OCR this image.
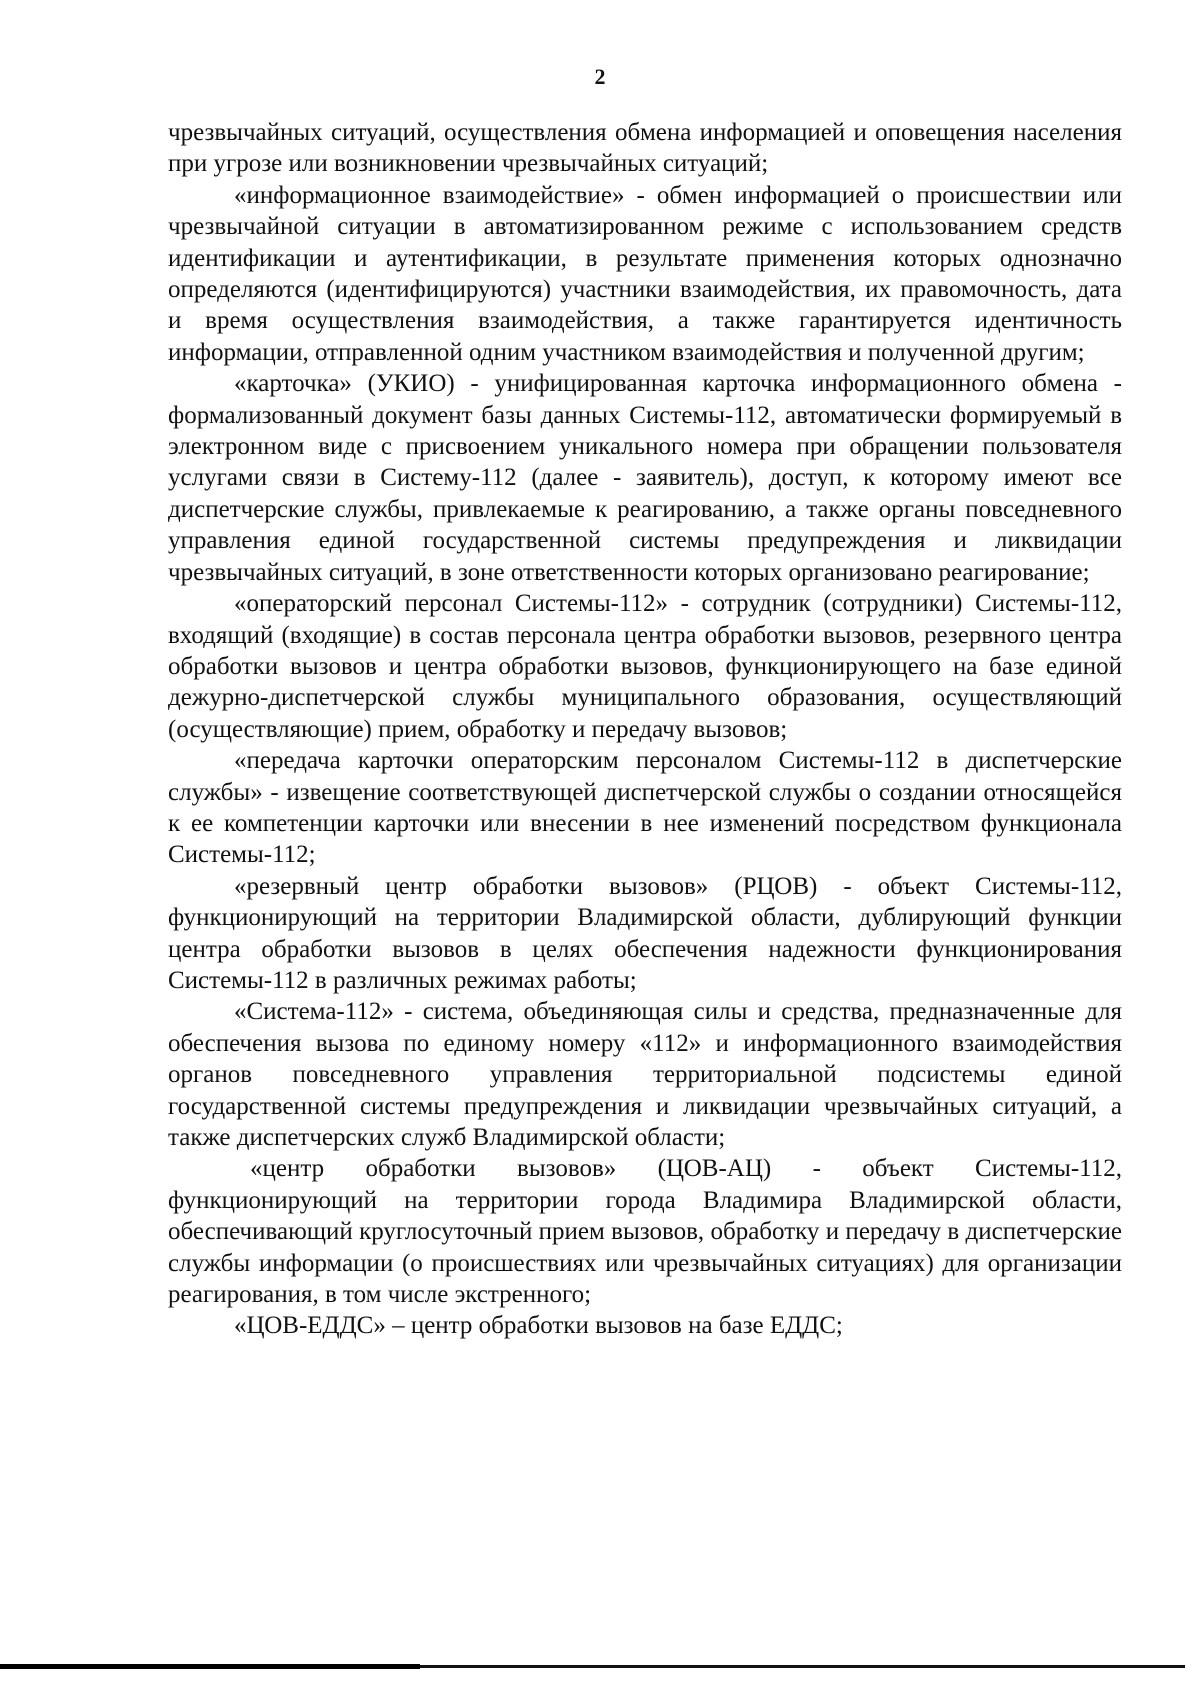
2

чрезвычайных ситуаций, осуществления обмена информацией и оповещения населения при угрозе или возникновении чрезвычайных ситуаций;

«информационное взаимодействие» - обмен информацией о происшествии или чрезвычайной ситуации в автоматизированном режиме с использованием средств идентификации и аутентификации, в результате применения которых однозначно определяются (идентифицируются) участники взаимодействия, их правомочность, дата и время осуществления взаимодействия, а также гарантируется идентичность информации, отправленной одним участником взаимодействия и полученной другим;

«карточка» (УКИО) - унифицированная карточка информационного обмена - формализованный документ базы данных Системы-112, автоматически формируемый в электронном виде с присвоением уникального номера при обращении пользователя услугами связи в Систему-112 (далее - заявитель), доступ, к которому имеют все диспетчерские службы, привлекаемые к реагированию, а также органы повседневного управления единой государственной системы предупреждения и ликвидации чрезвычайных ситуаций, в зоне ответственности которых организовано реагирование;

«операторский персонал Системы-112» - сотрудник (сотрудники) Системы-112, входящий (входящие) в состав персонала центра обработки вызовов, резервного центра обработки вызовов и центра обработки вызовов, функционирующего на базе единой дежурно-диспетчерской службы муниципального образования, осуществляющий (осуществляющие) прием, обработку и передачу вызовов;

«передача карточки операторским персоналом Системы-112 в диспетчерские службы» - извещение соответствующей диспетчерской службы о создании относящейся к ее компетенции карточки или внесении в нее изменений посредством функционала Системы-112;

«резервный центр обработки вызовов» (РЦОВ) - объект Системы-112, функционирующий на территории Владимирской области, дублирующий функции центра обработки вызовов в целях обеспечения надежности функционирования Системы-112 в различных режимах работы;

«Система-112» - система, объединяющая силы и средства, предназначенные для обеспечения вызова по единому номеру «112» и информационного взаимодействия органов повседневного управления территориальной подсистемы единой государственной системы предупреждения и ликвидации чрезвычайных ситуаций, а также диспетчерских служб Владимирской области;

«центр обработки вызовов» (ЦОВ-АЦ) - объект Системы-112, функционирующий на территории города Владимира Владимирской области, обеспечивающий круглосуточный прием вызовов, обработку и передачу в диспетчерские службы информации (о происшествиях или чрезвычайных ситуациях) для организации реагирования, в том числе экстренного;

«ЦОВ-ЕДДС» – центр обработки вызовов на базе ЕДДС;
